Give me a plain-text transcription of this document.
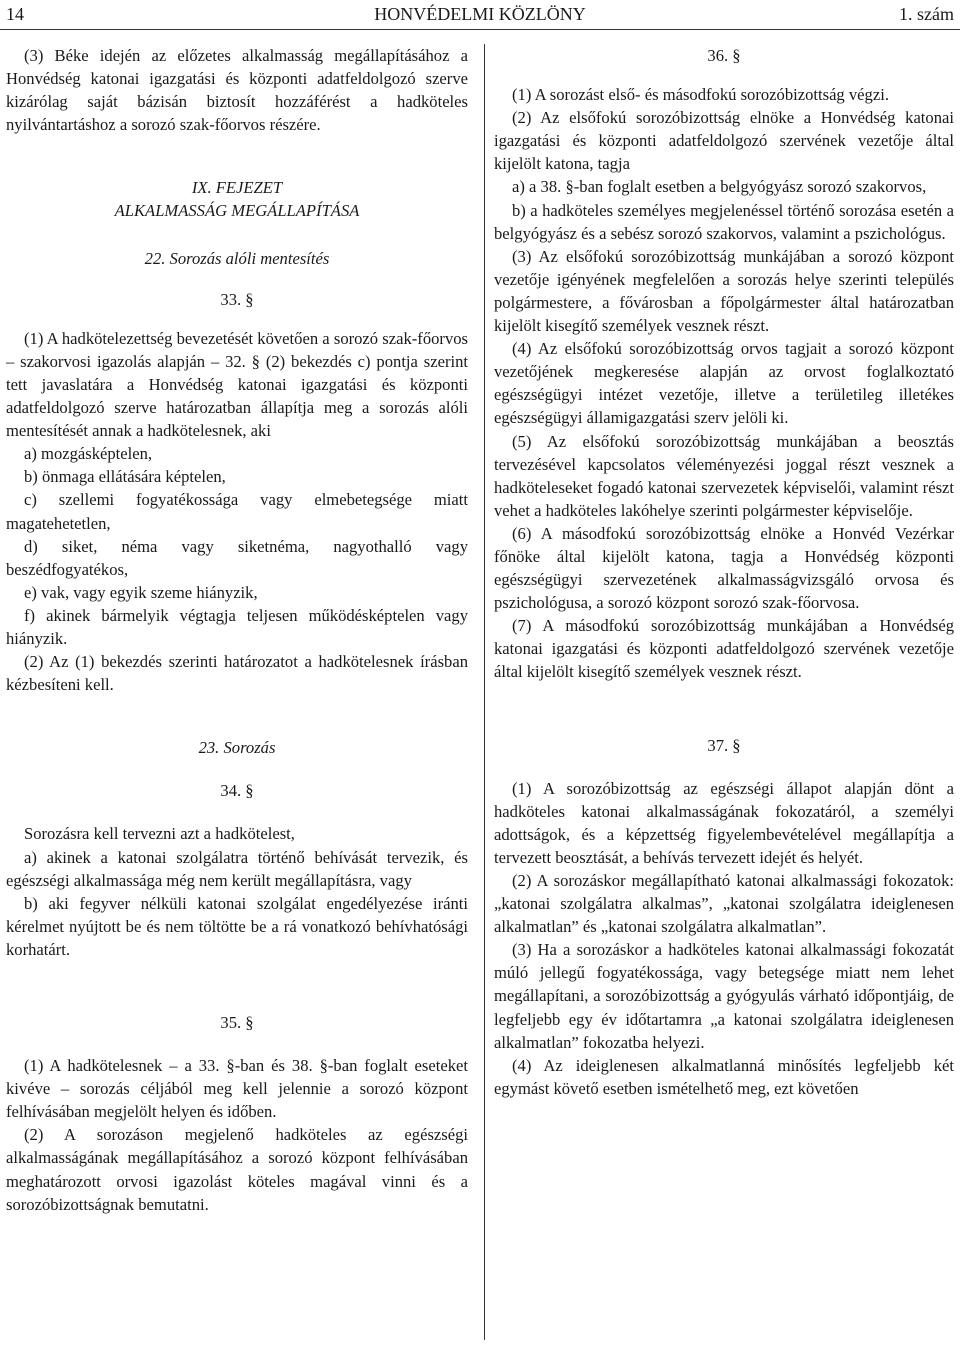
14	HONVÉDELMI KÖZLÖNY	1. szám

(3) Béke idején az előzetes alkalmasság megállapításához a Honvédség katonai igazgatási és központi adatfeldolgozó szerve kizárólag saját bázisán biztosít hozzáférést a hadköteles nyilvántartáshoz a sorozó szak-főorvos részére.

IX. FEJEZET

ALKALMASSÁG MEGÁLLAPÍTÁSA

22. Sorozás alóli mentesítés

33. §

(1) A hadkötelezettség bevezetését követően a sorozó szak-főorvos – szakorvosi igazolás alapján – 32. § (2) bekezdés c) pontja szerint tett javaslatára a Honvédség katonai igazgatási és központi adatfeldolgozó szerve határozatban állapítja meg a sorozás alóli mentesítését annak a hadkötelesnek, aki

a) mozgásképtelen,

b) önmaga ellátására képtelen,

c) szellemi fogyatékossága vagy elmebetegsége miatt magatehetetlen,

d) siket, néma vagy siketnéma, nagyothalló vagy beszédfogyatékos,

e) vak, vagy egyik szeme hiányzik,

f) akinek bármelyik végtagja teljesen működésképtelen vagy hiányzik.

(2) Az (1) bekezdés szerinti határozatot a hadkötelesnek írásban kézbesíteni kell.

23. Sorozás

34. §

Sorozásra kell tervezni azt a hadkötelest,

a) akinek a katonai szolgálatra történő behívását tervezik, és egészségi alkalmassága még nem került megállapításra, vagy

b) aki fegyver nélküli katonai szolgálat engedélyezése iránti kérelmet nyújtott be és nem töltötte be a rá vonatkozó behívhatósági korhatárt.

35. §

(1) A hadkötelesnek – a 33. §-ban és 38. §-ban foglalt eseteket kivéve – sorozás céljából meg kell jelennie a sorozó központ felhívásában megjelölt helyen és időben.

(2) A sorozáson megjelenő hadköteles az egészségi alkalmasságának megállapításához a sorozó központ felhívásában meghatározott orvosi igazolást köteles magával vinni és a sorozóbizottságnak bemutatni.

36. §

(1) A sorozást első- és másodfokú sorozóbizottság végzi.

(2) Az elsőfokú sorozóbizottság elnöke a Honvédség katonai igazgatási és központi adatfeldolgozó szervének vezetője által kijelölt katona, tagja

a) a 38. §-ban foglalt esetben a belgyógyász sorozó szakorvos,

b) a hadköteles személyes megjelenéssel történő sorozása esetén a belgyógyász és a sebész sorozó szakorvos, valamint a pszichológus.

(3) Az elsőfokú sorozóbizottság munkájában a sorozó központ vezetője igényének megfelelően a sorozás helye szerinti település polgármestere, a fővárosban a főpolgármester által határozatban kijelölt kisegítő személyek vesznek részt.

(4) Az elsőfokú sorozóbizottság orvos tagjait a sorozó központ vezetőjének megkeresése alapján az orvost foglalkoztató egészségügyi intézet vezetője, illetve a területileg illetékes egészségügyi államigazgatási szerv jelöli ki.

(5) Az elsőfokú sorozóbizottság munkájában a beosztás tervezésével kapcsolatos véleményezési joggal részt vesznek a hadköteleseket fogadó katonai szervezetek képviselői, valamint részt vehet a hadköteles lakóhelye szerinti polgármester képviselője.

(6) A másodfokú sorozóbizottság elnöke a Honvéd Vezérkar főnöke által kijelölt katona, tagja a Honvédség központi egészségügyi szervezetének alkalmasságvizsgáló orvosa és pszichológusa, a sorozó központ sorozó szak-főorvosa.

(7) A másodfokú sorozóbizottság munkájában a Honvédség katonai igazgatási és központi adatfeldolgozó szervének vezetője által kijelölt kisegítő személyek vesznek részt.

37. §

(1) A sorozóbizottság az egészségi állapot alapján dönt a hadköteles katonai alkalmasságának fokozatáról, a személyi adottságok, és a képzettség figyelembevételével megállapítja a tervezett beosztását, a behívás tervezett idejét és helyét.

(2) A sorozáskor megállapítható katonai alkalmassági fokozatok: „katonai szolgálatra alkalmas”, „katonai szolgálatra ideiglenesen alkalmatlan” és „katonai szolgálatra alkalmatlan”.

(3) Ha a sorozáskor a hadköteles katonai alkalmassági fokozatát múló jellegű fogyatékossága, vagy betegsége miatt nem lehet megállapítani, a sorozóbizottság a gyógyulás várható időpontjáig, de legfeljebb egy év időtartamra „a katonai szolgálatra ideiglenesen alkalmatlan” fokozatba helyezi.

(4) Az ideiglenesen alkalmatlanná minősítés legfeljebb két egymást követő esetben ismételhető meg, ezt követően
